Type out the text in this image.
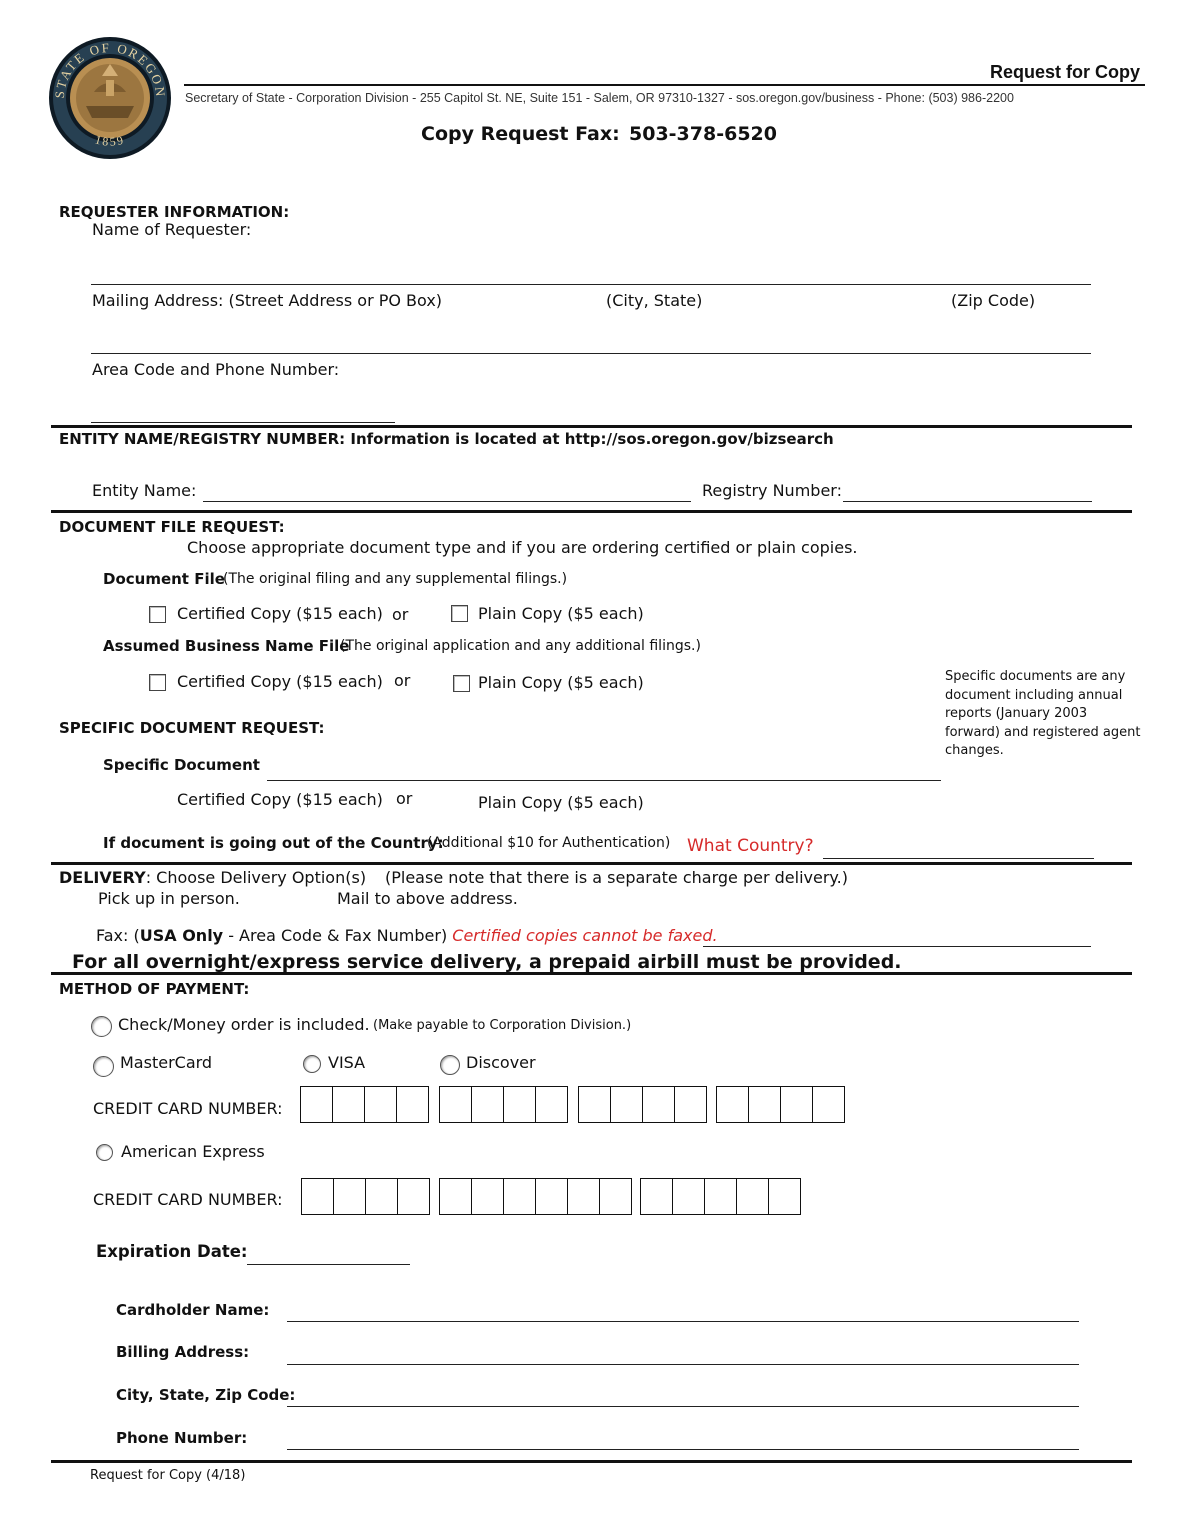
STATE OF OREGON
1859
Request for Copy
Secretary of State - Corporation Division - 255 Capitol St. NE, Suite 151 - Salem, OR 97310-1327 - sos.oregon.gov/business - Phone: (503) 986-2200
Copy Request Fax: 503-378-6520
REQUESTER INFORMATION:
Name of Requester:
Mailing Address: (Street Address or PO Box)	(City, State)	(Zip Code)
Area Code and Phone Number:
ENTITY NAME/REGISTRY NUMBER: Information is located at http://sos.oregon.gov/bizsearch
Entity Name:	Registry Number:
DOCUMENT FILE REQUEST:
Choose appropriate document type and if you are ordering certified or plain copies.
Document File
(The original filing and any supplemental filings.)
Certified Copy ($15 each) or	Plain Copy ($5 each)
Assumed Business Name File
(The original application and any additional filings.)
Certified Copy ($15 each) or	Plain Copy ($5 each)	Specific documents are any
document including annual
reports (January 2003
forward) and registered agent
changes.
SPECIFIC DOCUMENT REQUEST:
Specific Document
Certified Copy ($15 each) or	Plain Copy ($5 each)
If document is going out of the Country:
(Additional $10 for Authentication) What Country?
DELIVERY: Choose Delivery Option(s) (Please note that there is a separate charge per delivery.)
Pick up in person.	Mail to above address.
Fax: (USA Only - Area Code & Fax Number) Certified copies cannot be faxed.
For all overnight/express service delivery, a prepaid airbill must be provided.
METHOD OF PAYMENT:
Check/Money order is included. (Make payable to Corporation Division.)
MasterCard	VISA	Discover
CREDIT CARD NUMBER:
American Express
CREDIT CARD NUMBER:
Expiration Date:
Cardholder Name:
Billing Address:
City, State, Zip Code:
Phone Number:
Request for Copy (4/18)
